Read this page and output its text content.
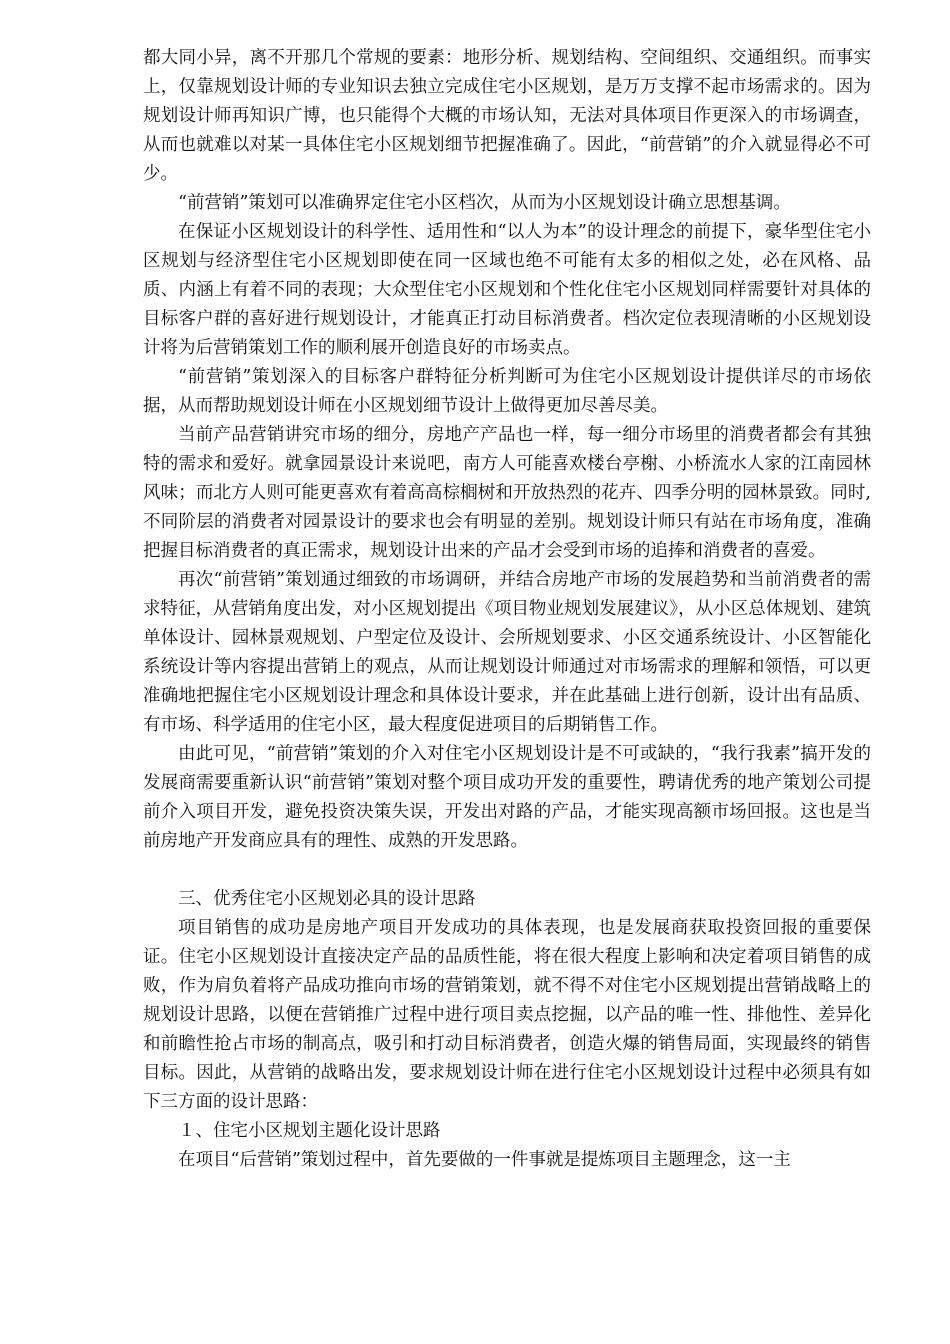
都大同小异，离不开那几个常规的要素：地形分析、规划结构、空间组织、交通组织。而事实上，仅靠规划设计师的专业知识去独立完成住宅小区规划，是万万支撑不起市场需求的。因为规划设计师再知识广博，也只能得个大概的市场认知，无法对具体项目作更深入的市场调查，从而也就难以对某一具体住宅小区规划细节把握准确了。因此，“前营销”的介入就显得必不可少。

“前营销”策划可以准确界定住宅小区档次，从而为小区规划设计确立思想基调。

在保证小区规划设计的科学性、适用性和“以人为本”的设计理念的前提下，豪华型住宅小区规划与经济型住宅小区规划即使在同一区域也绝不可能有太多的相似之处，必在风格、品质、内涵上有着不同的表现；大众型住宅小区规划和个性化住宅小区规划同样需要针对具体的目标客户群的喜好进行规划设计，才能真正打动目标消费者。档次定位表现清晰的小区规划设计将为后营销策划工作的顺利展开创造良好的市场卖点。

“前营销”策划深入的目标客户群特征分析判断可为住宅小区规划设计提供详尽的市场依据，从而帮助规划设计师在小区规划细节设计上做得更加尽善尽美。

当前产品营销讲究市场的细分，房地产产品也一样，每一细分市场里的消费者都会有其独特的需求和爱好。就拿园景设计来说吧，南方人可能喜欢楼台亭榭、小桥流水人家的江南园林风味；而北方人则可能更喜欢有着高高棕榈树和开放热烈的花卉、四季分明的园林景致。同时,不同阶层的消费者对园景设计的要求也会有明显的差别。规划设计师只有站在市场角度，准确把握目标消费者的真正需求，规划设计出来的产品才会受到市场的追捧和消费者的喜爱。

再次“前营销”策划通过细致的市场调研，并结合房地产市场的发展趋势和当前消费者的需求特征，从营销角度出发，对小区规划提出《项目物业规划发展建议》，从小区总体规划、建筑单体设计、园林景观规划、户型定位及设计、会所规划要求、小区交通系统设计、小区智能化系统设计等内容提出营销上的观点，从而让规划设计师通过对市场需求的理解和领悟，可以更准确地把握住宅小区规划设计理念和具体设计要求，并在此基础上进行创新，设计出有品质、有市场、科学适用的住宅小区，最大程度促进项目的后期销售工作。

由此可见，“前营销”策划的介入对住宅小区规划设计是不可或缺的，“我行我素”搞开发的发展商需要重新认识“前营销”策划对整个项目成功开发的重要性，聘请优秀的地产策划公司提前介入项目开发，避免投资决策失误，开发出对路的产品，才能实现高额市场回报。这也是当前房地产开发商应具有的理性、成熟的开发思路。

三、优秀住宅小区规划必具的设计思路

项目销售的成功是房地产项目开发成功的具体表现，也是发展商获取投资回报的重要保证。住宅小区规划设计直接决定产品的品质性能，将在很大程度上影响和决定着项目销售的成败，作为肩负着将产品成功推向市场的营销策划，就不得不对住宅小区规划提出营销战略上的规划设计思路，以便在营销推广过程中进行项目卖点挖掘，以产品的唯一性、排他性、差异化和前瞻性抢占市场的制高点，吸引和打动目标消费者，创造火爆的销售局面，实现最终的销售目标。因此，从营销的战略出发，要求规划设计师在进行住宅小区规划设计过程中必须具有如下三方面的设计思路：

１、住宅小区规划主题化设计思路

在项目“后营销”策划过程中，首先要做的一件事就是提炼项目主题理念，这一主
